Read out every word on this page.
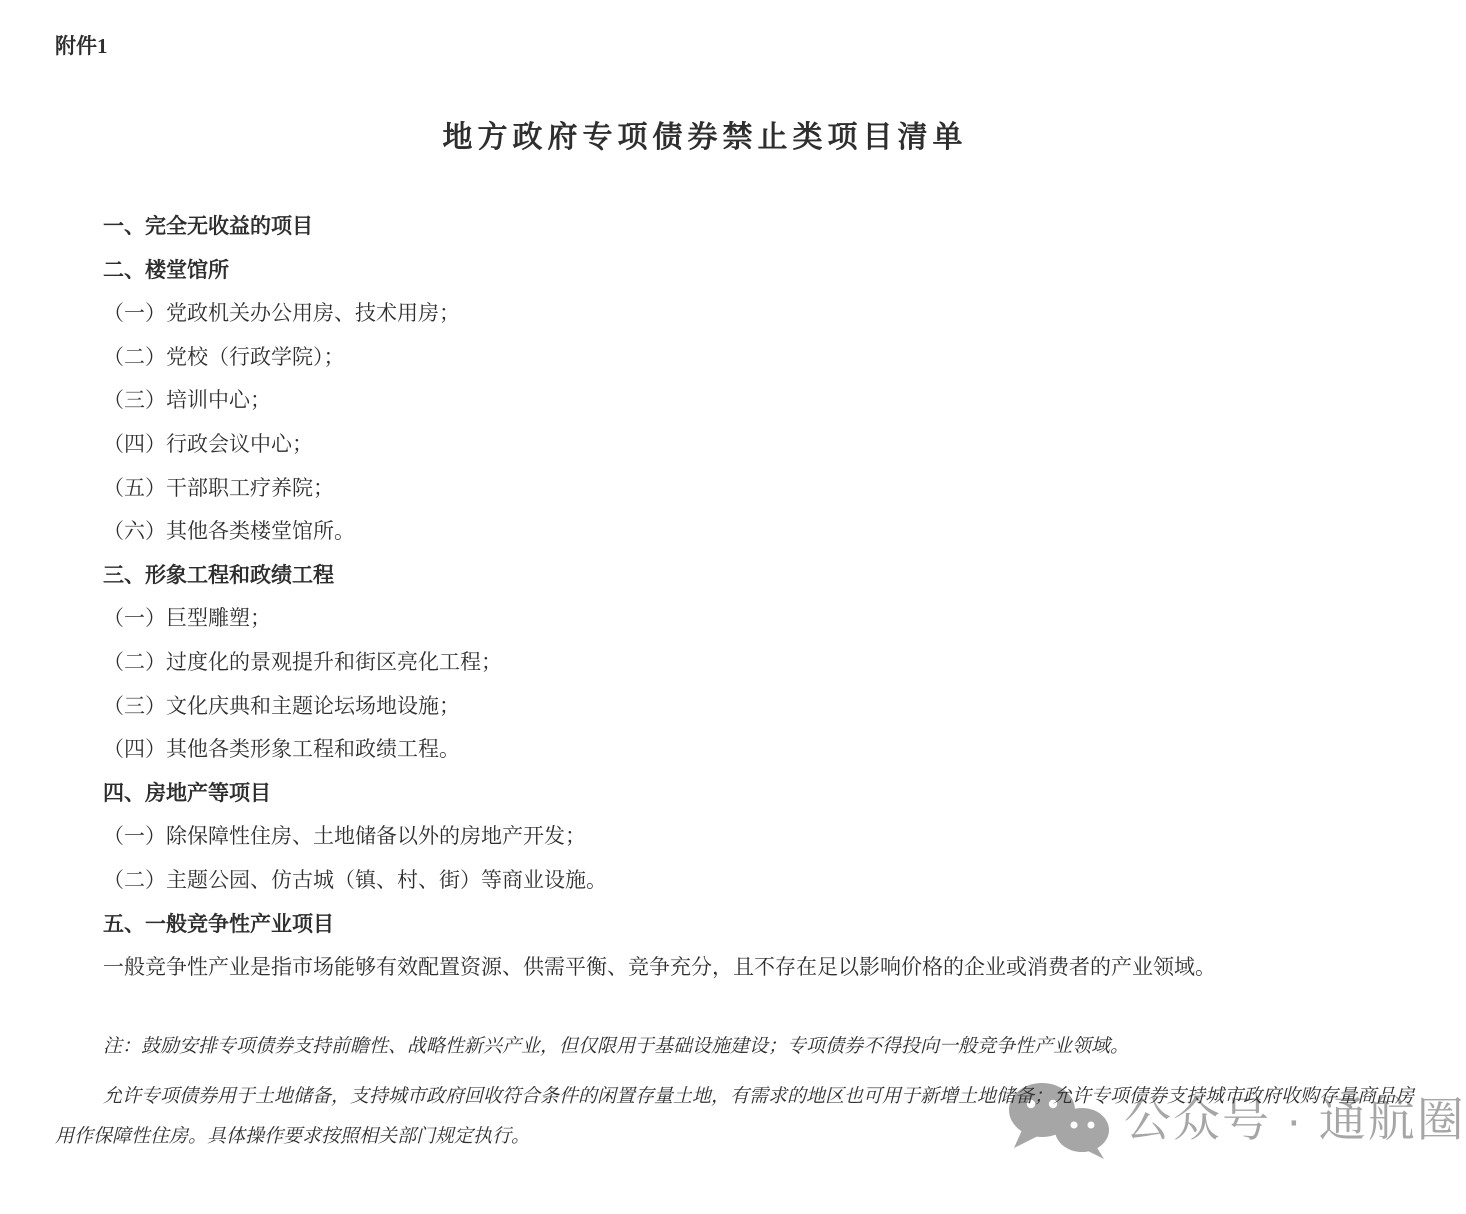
附件1
地方政府专项债券禁止类项目清单

一、完全无收益的项目

二、楼堂馆所

（一）党政机关办公用房、技术用房；

（二）党校（行政学院）；

（三）培训中心；

（四）行政会议中心；

（五）干部职工疗养院；

（六）其他各类楼堂馆所。

三、形象工程和政绩工程

（一）巨型雕塑；

（二）过度化的景观提升和街区亮化工程；

（三）文化庆典和主题论坛场地设施；

（四）其他各类形象工程和政绩工程。

四、房地产等项目

（一）除保障性住房、土地储备以外的房地产开发；

（二）主题公园、仿古城（镇、村、街）等商业设施。

五、一般竞争性产业项目

一般竞争性产业是指市场能够有效配置资源、供需平衡、竞争充分，且不存在足以影响价格的企业或消费者的产业领域。

注：鼓励安排专项债券支持前瞻性、战略性新兴产业，但仅限用于基础设施建设；专项债券不得投向一般竞争性产业领域。

允许专项债券用于土地储备，支持城市政府回收符合条件的闲置存量土地，有需求的地区也可用于新增土地储备；允许专项债券支持城市政府收购存量商品房用作保障性住房。具体操作要求按照相关部门规定执行。	公众号 · 通航圈
